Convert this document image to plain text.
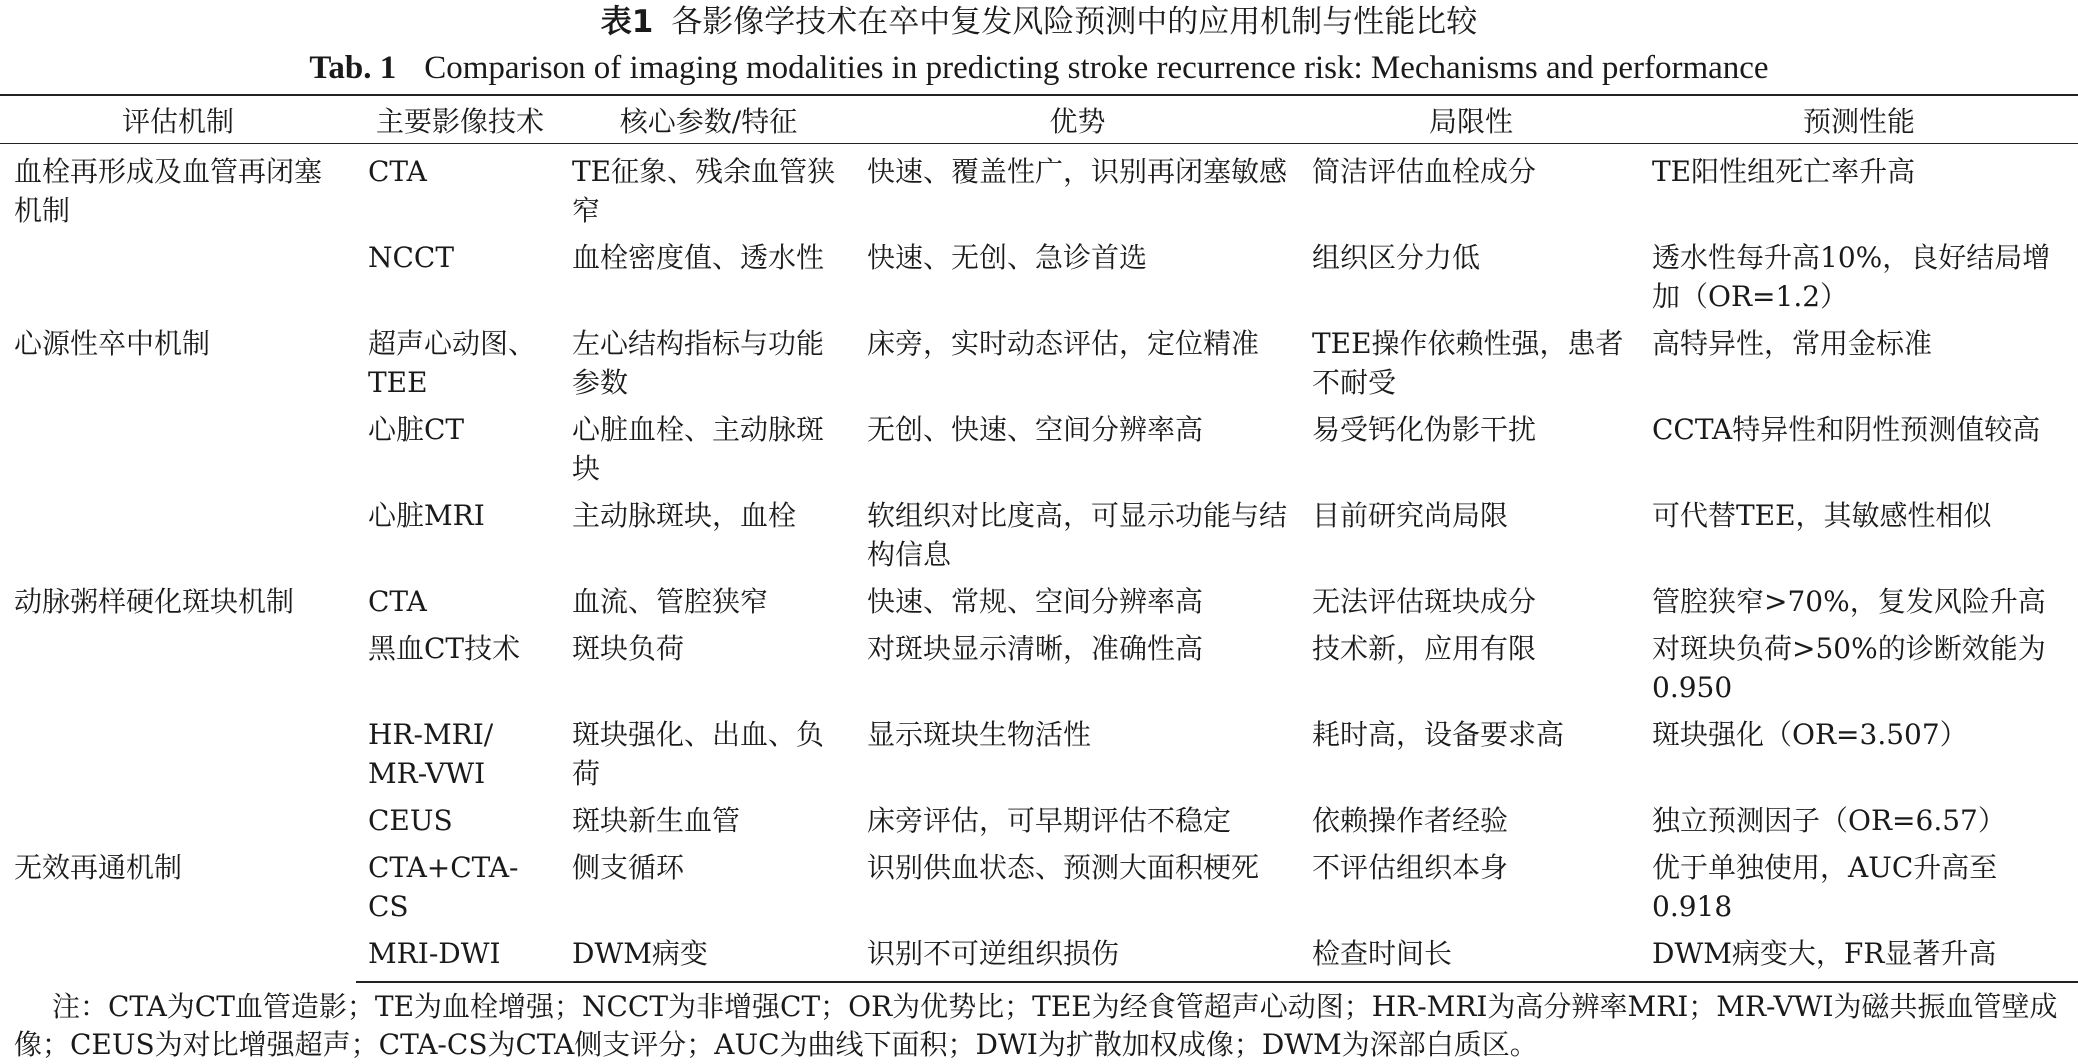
表1 各影像学技术在卒中复发风险预测中的应用机制与性能比较
Tab. 1 Comparison of imaging modalities in predicting stroke recurrence risk: Mechanisms and performance
评估机制	主要影像技术	核心参数/特征	优势	局限性	预测性能
血栓再形成及血管再闭塞机制	CTA	TE征象、残余血管狭窄	快速、覆盖性广，识别再闭塞敏感	简洁评估血栓成分	TE阳性组死亡率升高
	NCCT	血栓密度值、透水性	快速、无创、急诊首选	组织区分力低	透水性每升高10%，良好结局增加（OR=1.2）
心源性卒中机制	超声心动图、TEE	左心结构指标与功能参数	床旁，实时动态评估，定位精准	TEE操作依赖性强，患者不耐受	高特异性，常用金标准
	心脏CT	心脏血栓、主动脉斑块	无创、快速、空间分辨率高	易受钙化伪影干扰	CCTA特异性和阴性预测值较高
	心脏MRI	主动脉斑块，血栓	软组织对比度高，可显示功能与结构信息	目前研究尚局限	可代替TEE，其敏感性相似
动脉粥样硬化斑块机制	CTA	血流、管腔狭窄	快速、常规、空间分辨率高	无法评估斑块成分	管腔狭窄>70%，复发风险升高
	黑血CT技术	斑块负荷	对斑块显示清晰，准确性高	技术新，应用有限	对斑块负荷>50%的诊断效能为0.950
	HR-MRI/ MR-VWI	斑块强化、出血、负荷	显示斑块生物活性	耗时高，设备要求高	斑块强化（OR=3.507）
	CEUS	斑块新生血管	床旁评估，可早期评估不稳定	依赖操作者经验	独立预测因子（OR=6.57）
无效再通机制	CTA+CTA-CS	侧支循环	识别供血状态、预测大面积梗死	不评估组织本身	优于单独使用，AUC升高至0.918
	MRI-DWI	DWM病变	识别不可逆组织损伤	检查时间长	DWM病变大，FR显著升高
注：CTA为CT血管造影；TE为血栓增强；NCCT为非增强CT；OR为优势比；TEE为经食管超声心动图；HR-MRI为高分辨率MRI；MR-VWI为磁共振血管壁成像；CEUS为对比增强超声；CTA-CS为CTA侧支评分；AUC为曲线下面积；DWI为扩散加权成像；DWM为深部白质区。
